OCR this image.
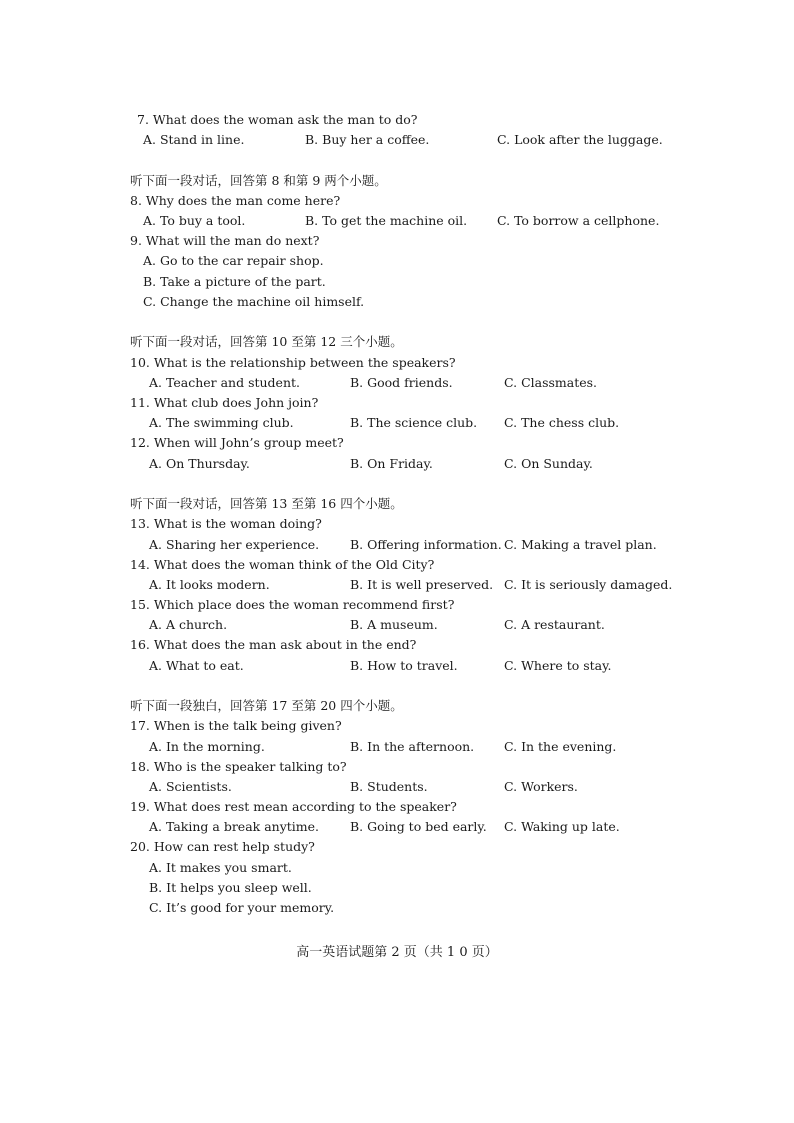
7. What does the woman ask the man to do?
A. Stand in line.	B. Buy her a coffee.	C. Look after the luggage.
听下面一段对话，回答第 8 和第 9 两个小题。
8. Why does the man come here?
A. To buy a tool.	B. To get the machine oil. C. To borrow a cellphone.
9. What will the man do next?
A. Go to the car repair shop.
B. Take a picture of the part.
C. Change the machine oil himself.
听下面一段对话，回答第 10 至第 12 三个小题。
10. What is the relationship between the speakers?
A. Teacher and student.	B. Good friends.	C. Classmates.
11. What club does John join?
A. The swimming club.	B. The science club. C. The chess club.
12. When will John’s group meet?
A. On Thursday.	B. On Friday.	C. On Sunday.
听下面一段对话，回答第 13 至第 16 四个小题。
13. What is the woman doing?
A. Sharing her experience. B. Offering information. C. Making a travel plan.
14. What does the woman think of the Old City?
A. It looks modern.	B. It is well preserved. C. It is seriously damaged.
15. Which place does the woman recommend first?
A. A church.	B. A museum.	C. A restaurant.
16. What does the man ask about in the end?
A. What to eat.	B. How to travel.	C. Where to stay.
听下面一段独白，回答第 17 至第 20 四个小题。
17. When is the talk being given?
A. In the morning.	B. In the afternoon. C. In the evening.
18. Who is the speaker talking to?
A. Scientists.	B. Students.	C. Workers.
19. What does rest mean according to the speaker?
A. Taking a break anytime. B. Going to bed early. C. Waking up late.
20. How can rest help study?
A. It makes you smart.
B. It helps you sleep well.
C. It’s good for your memory.
高一英语试题第 2 页（共 1 0 页）
